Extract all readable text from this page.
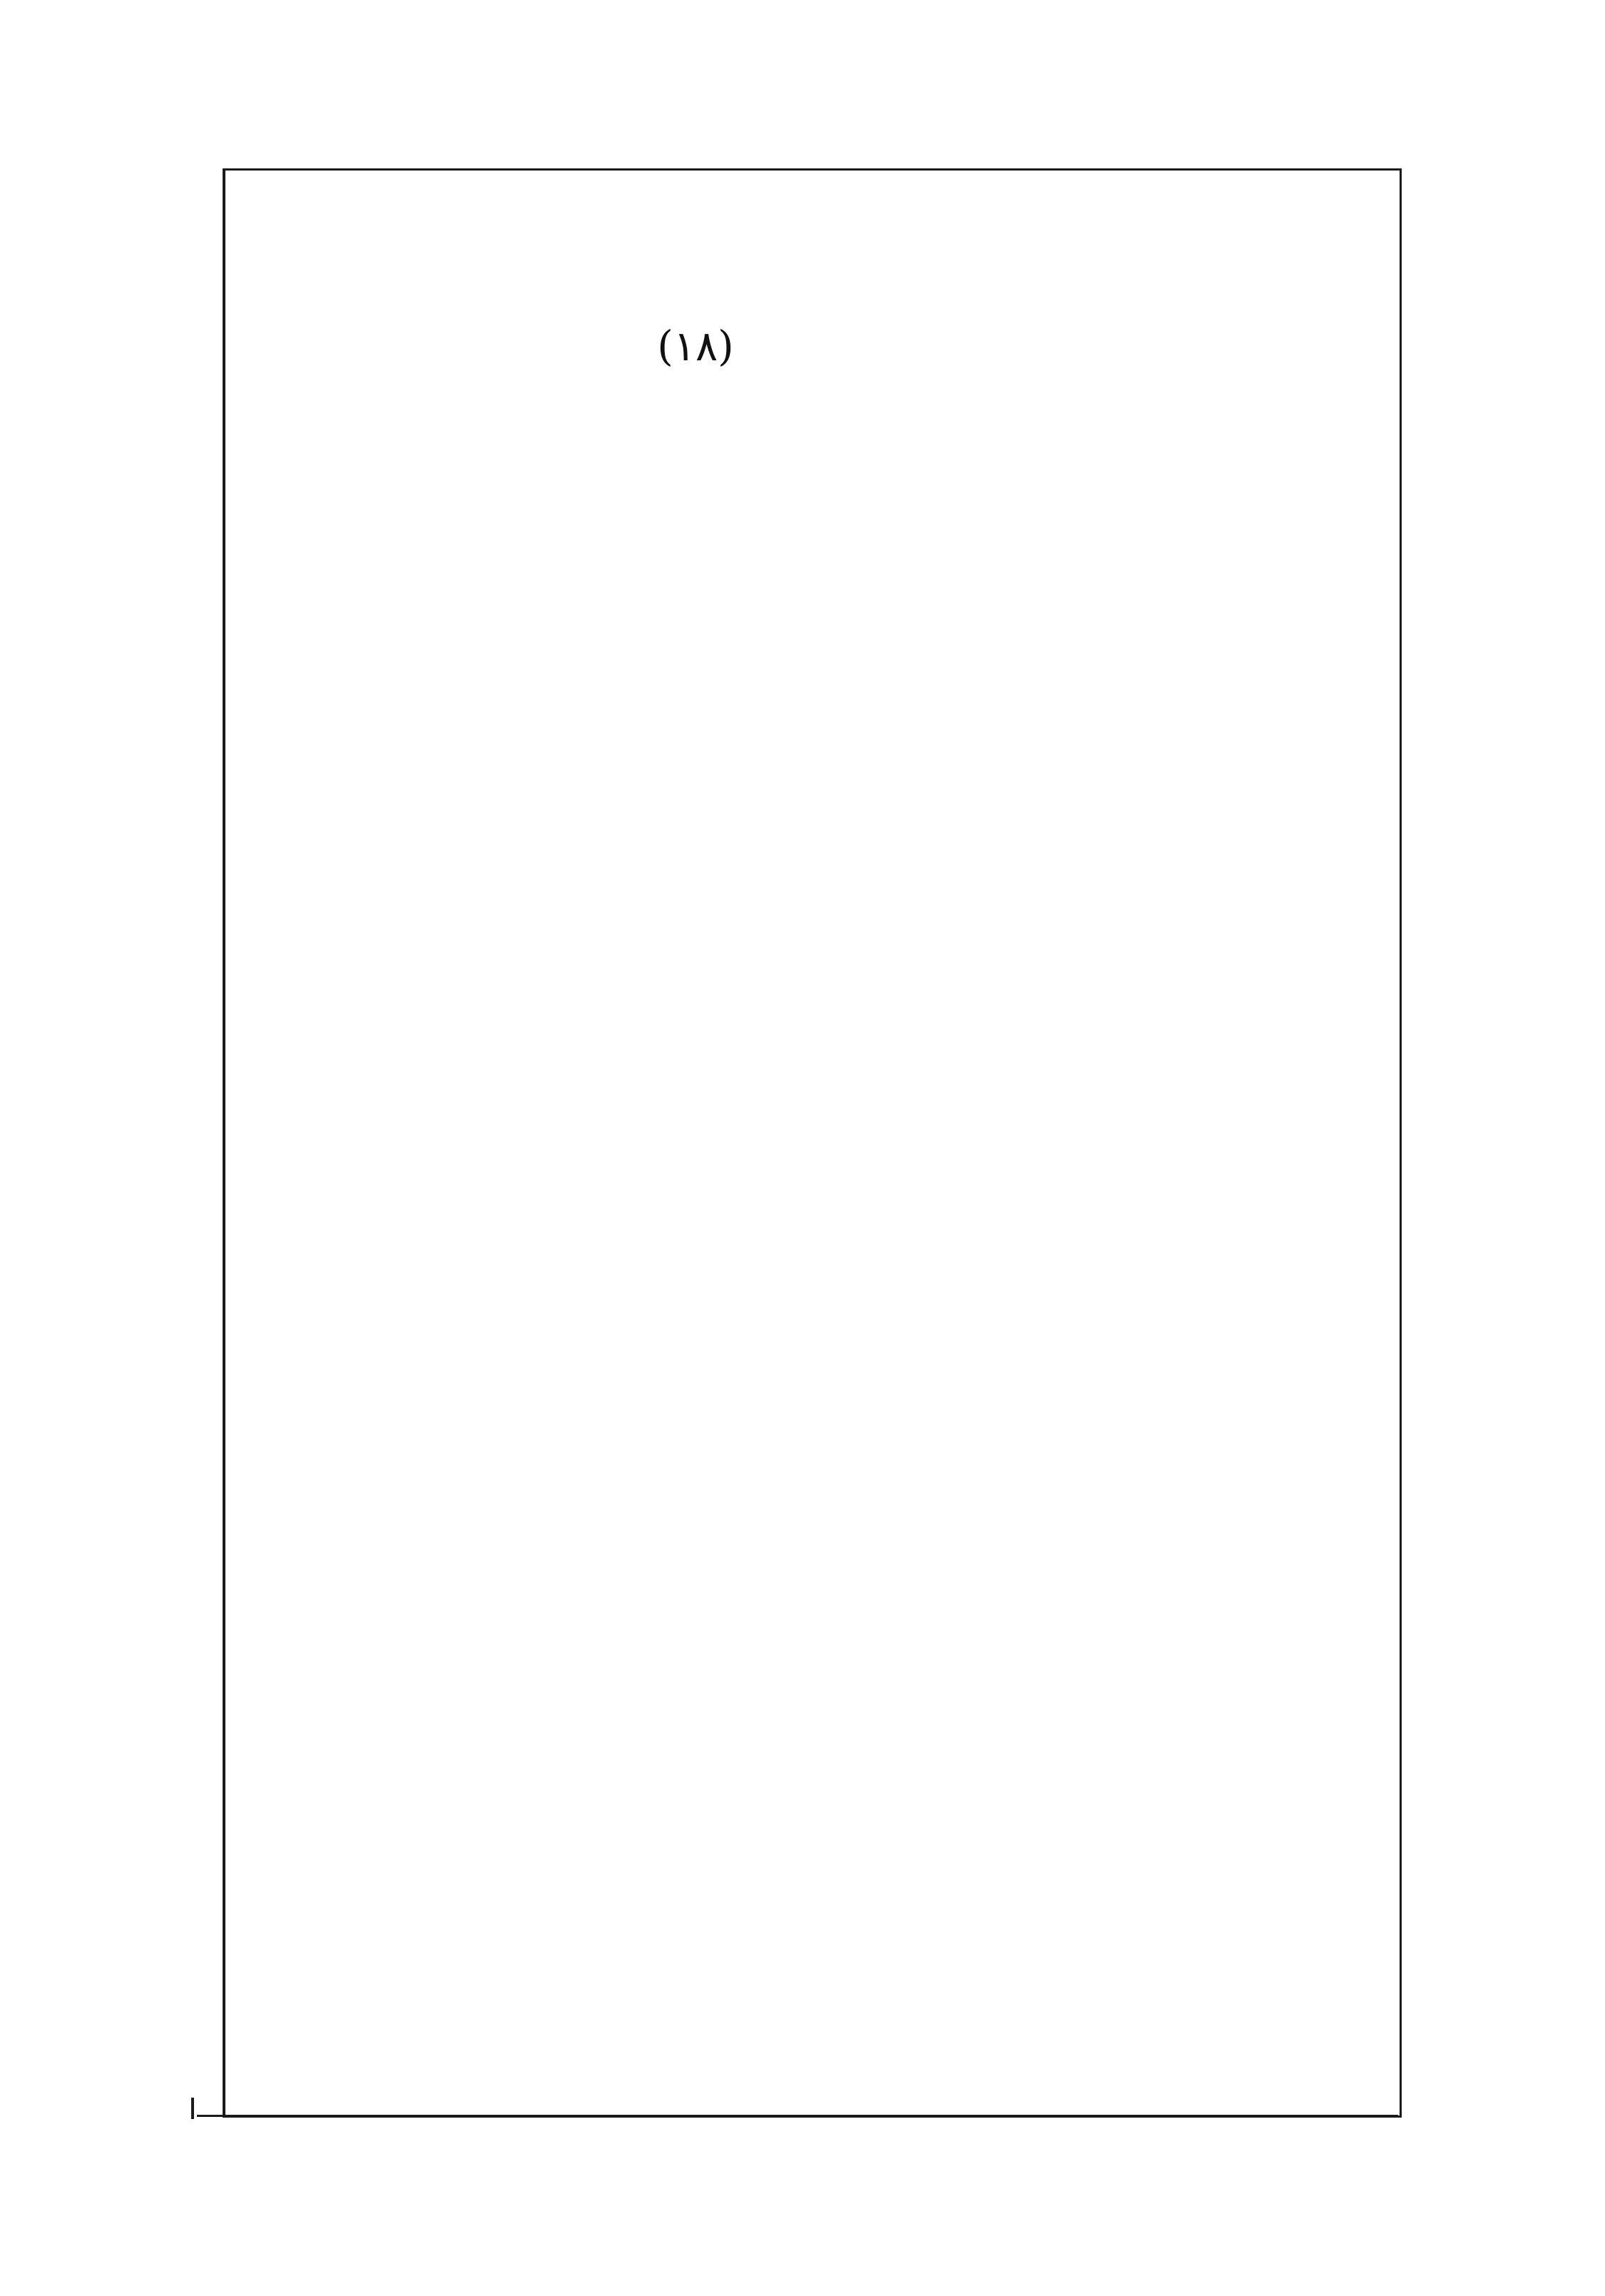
(١٨)
